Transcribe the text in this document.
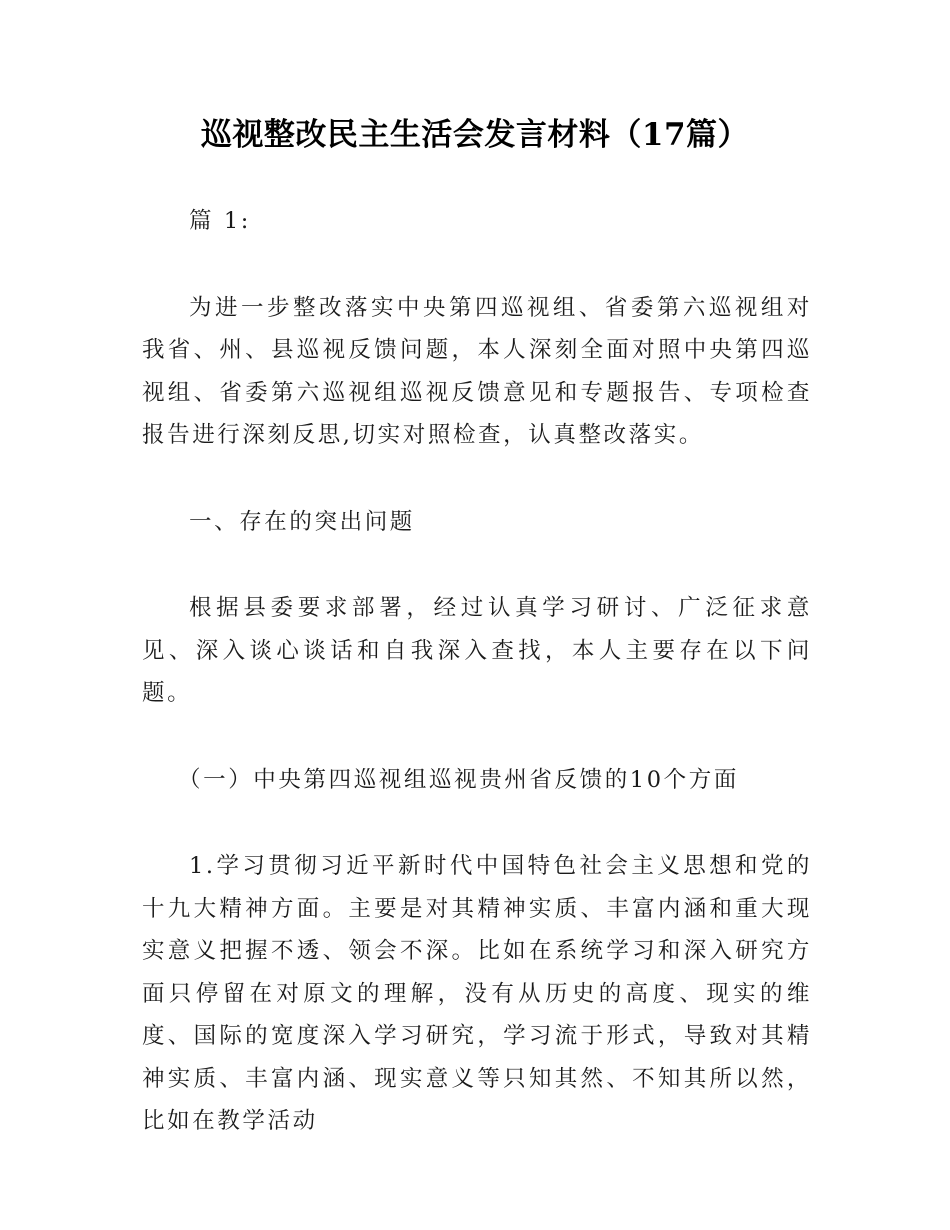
巡视整改民主生活会发言材料（17篇）

篇 1:

为进一步整改落实中央第四巡视组、省委第六巡视组对我省、州、县巡视反馈问题，本人深刻全面对照中央第四巡视组、省委第六巡视组巡视反馈意见和专题报告、专项检查报告进行深刻反思,切实对照检查，认真整改落实。

一、存在的突出问题

根据县委要求部署，经过认真学习研讨、广泛征求意见、深入谈心谈话和自我深入查找，本人主要存在以下问题。

（一）中央第四巡视组巡视贵州省反馈的10个方面

1.学习贯彻习近平新时代中国特色社会主义思想和党的十九大精神方面。主要是对其精神实质、丰富内涵和重大现实意义把握不透、领会不深。比如在系统学习和深入研究方面只停留在对原文的理解，没有从历史的高度、现实的维度、国际的宽度深入学习研究，学习流于形式，导致对其精神实质、丰富内涵、现实意义等只知其然、不知其所以然，比如在教学活动
